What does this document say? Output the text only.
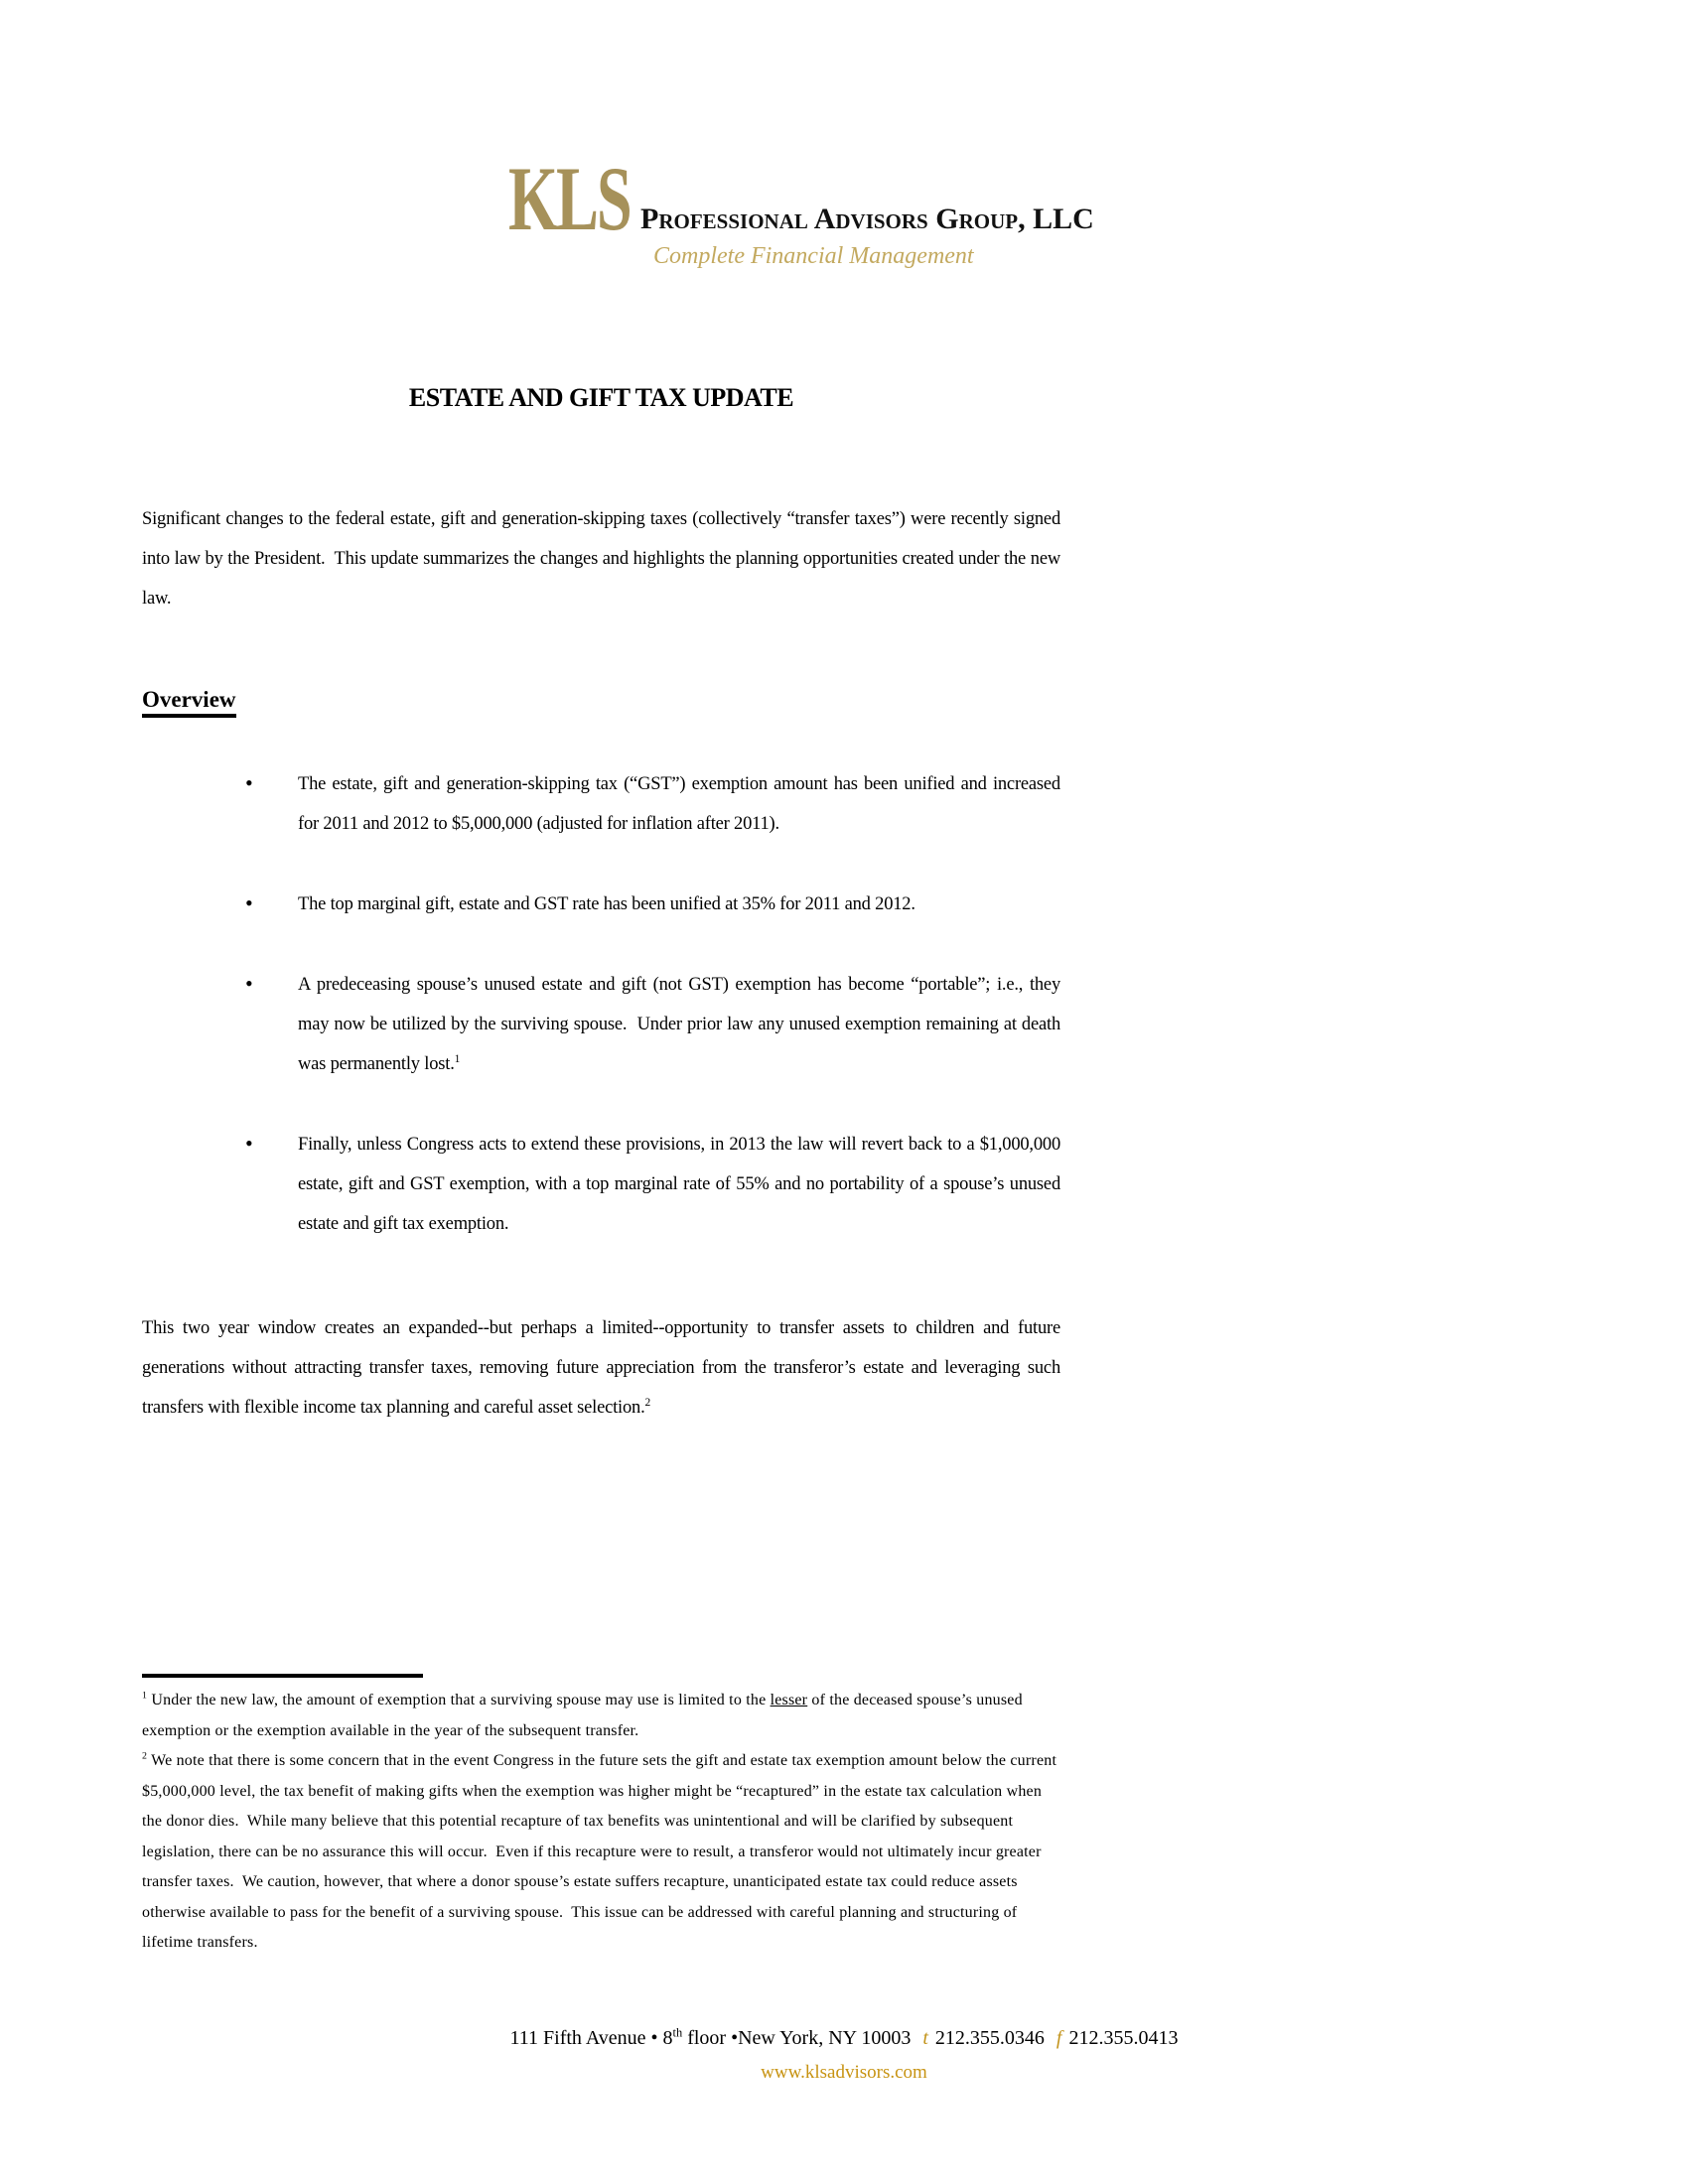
KLS Professional Advisors Group, LLC
Complete Financial Management
ESTATE AND GIFT TAX UPDATE

Significant changes to the federal estate, gift and generation-skipping taxes (collectively “transfer taxes”) were recently signed into law by the President.  This update summarizes the changes and highlights the planning opportunities created under the new law.

Overview
• The estate, gift and generation-skipping tax (“GST”) exemption amount has been unified and increased for 2011 and 2012 to $5,000,000 (adjusted for inflation after 2011).
• The top marginal gift, estate and GST rate has been unified at 35% for 2011 and 2012.
• A predeceasing spouse’s unused estate and gift (not GST) exemption has become “portable”; i.e., they may now be utilized by the surviving spouse.  Under prior law any unused exemption remaining at death was permanently lost.$^1$
• Finally, unless Congress acts to extend these provisions, in 2013 the law will revert back to a $1,000,000 estate, gift and GST exemption, with a top marginal rate of 55% and no portability of a spouse’s unused estate and gift tax exemption.

This two year window creates an expanded--but perhaps a limited--opportunity to transfer assets to children and future generations without attracting transfer taxes, removing future appreciation from the transferor’s estate and leveraging such transfers with flexible income tax planning and careful asset selection.$^2$

$^1$ Under the new law, the amount of exemption that a surviving spouse may use is limited to the lesser of the deceased spouse’s unused exemption or the exemption available in the year of the subsequent transfer.

$^2$ We note that there is some concern that in the event Congress in the future sets the gift and estate tax exemption amount below the current $5,000,000 level, the tax benefit of making gifts when the exemption was higher might be “recaptured” in the estate tax calculation when the donor dies.  While many believe that this potential recapture of tax benefits was unintentional and will be clarified by subsequent legislation, there can be no assurance this will occur.  Even if this recapture were to result, a transferor would not ultimately incur greater transfer taxes.  We caution, however, that where a donor spouse’s estate suffers recapture, unanticipated estate tax could reduce assets otherwise available to pass for the benefit of a surviving spouse.  This issue can be addressed with careful planning and structuring of lifetime transfers.

111 Fifth Avenue • 8th floor •New York, NY 10003 t 212.355.0346 f 212.355.0413
www.klsadvisors.com
